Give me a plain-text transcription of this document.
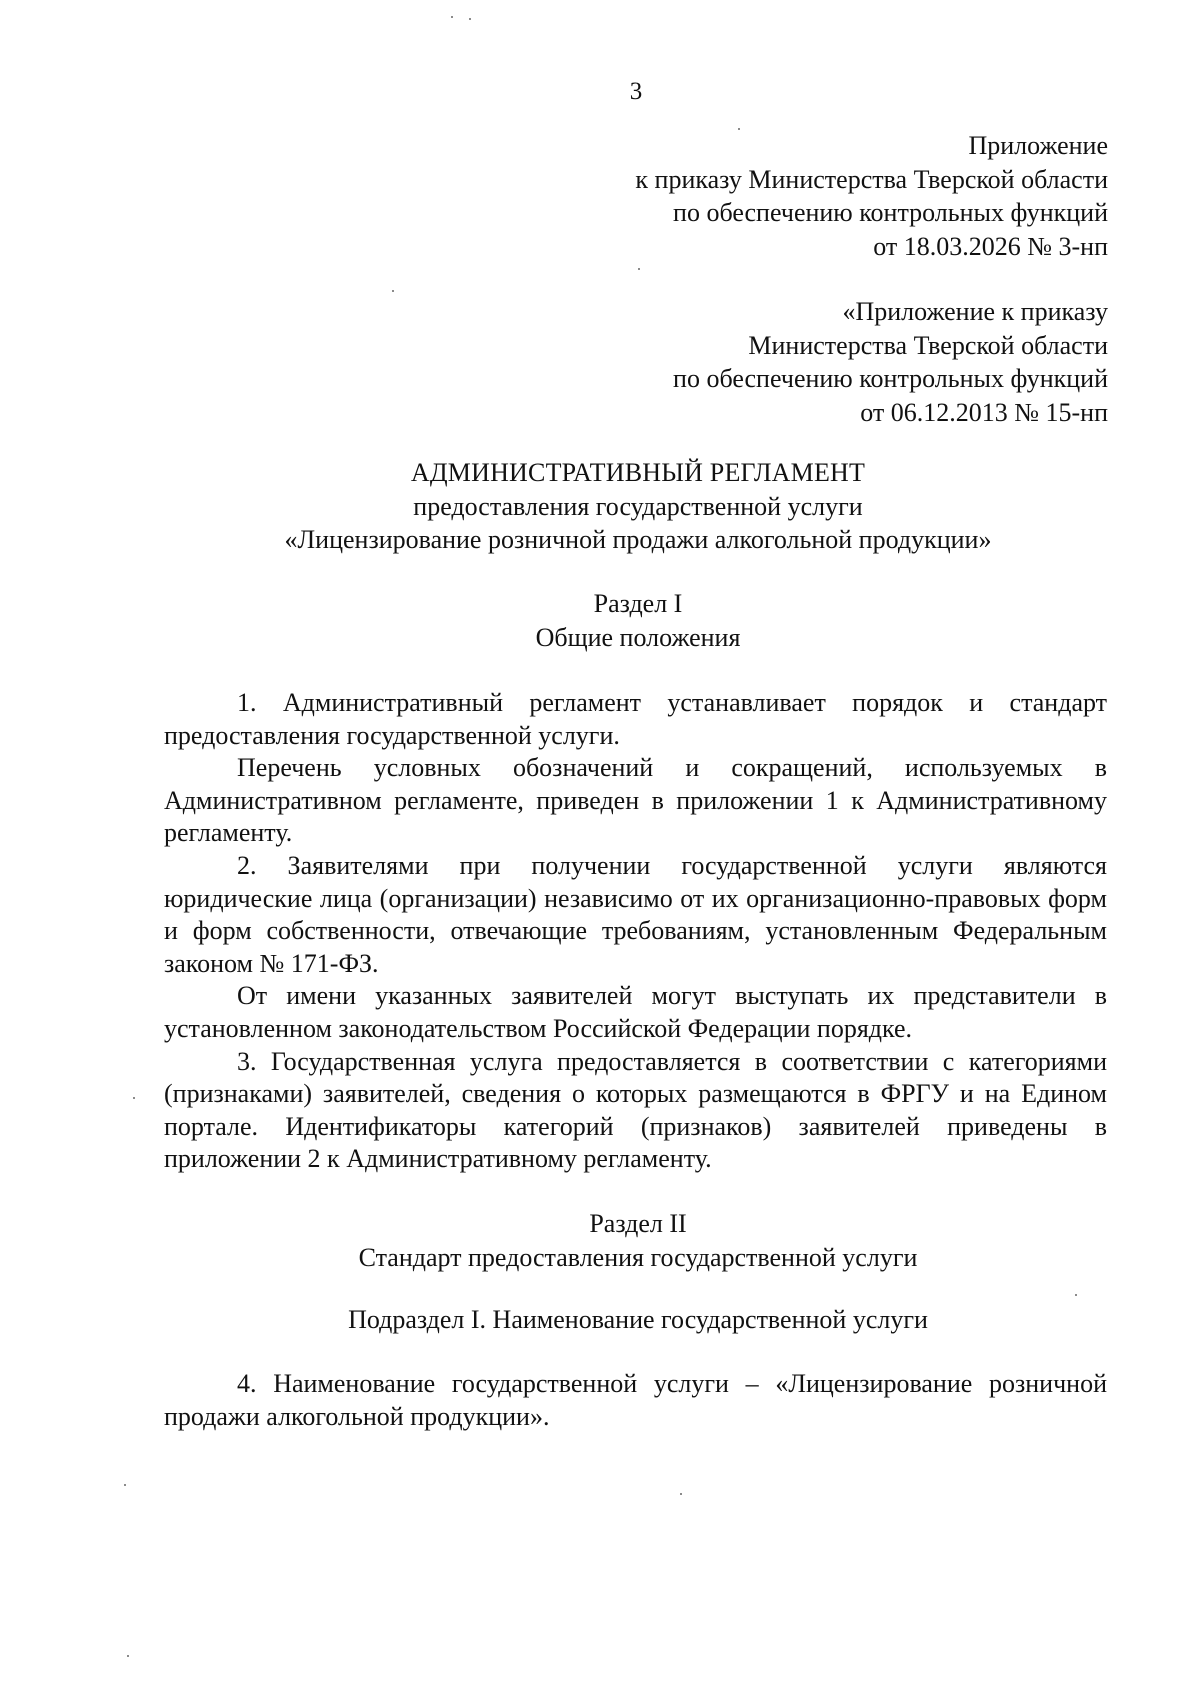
3
Приложение
к приказу Министерства Тверской области
по обеспечению контрольных функций
от 18.03.2026 № 3-нп
«Приложение к приказу
Министерства Тверской области
по обеспечению контрольных функций
от 06.12.2013 № 15-нп
АДМИНИСТРАТИВНЫЙ РЕГЛАМЕНТ
предоставления государственной услуги
«Лицензирование розничной продажи алкогольной продукции»
Раздел I
Общие положения

1. Административный регламент устанавливает порядок и стандарт предоставления государственной услуги.

Перечень условных обозначений и сокращений, используемых в Административном регламенте, приведен в приложении 1 к Административному регламенту.

2. Заявителями при получении государственной услуги являются юридические лица (организации) независимо от их организационно-правовых форм и форм собственности, отвечающие требованиям, установленным Федеральным законом № 171-ФЗ.

От имени указанных заявителей могут выступать их представители в установленном законодательством Российской Федерации порядке.

3. Государственная услуга предоставляется в соответствии с категориями (признаками) заявителей, сведения о которых размещаются в ФРГУ и на Едином портале. Идентификаторы категорий (признаков) заявителей приведены в приложении 2 к Административному регламенту.

Раздел II
Стандарт предоставления государственной услуги
Подраздел I. Наименование государственной услуги

4. Наименование государственной услуги – «Лицензирование розничной продажи алкогольной продукции».
